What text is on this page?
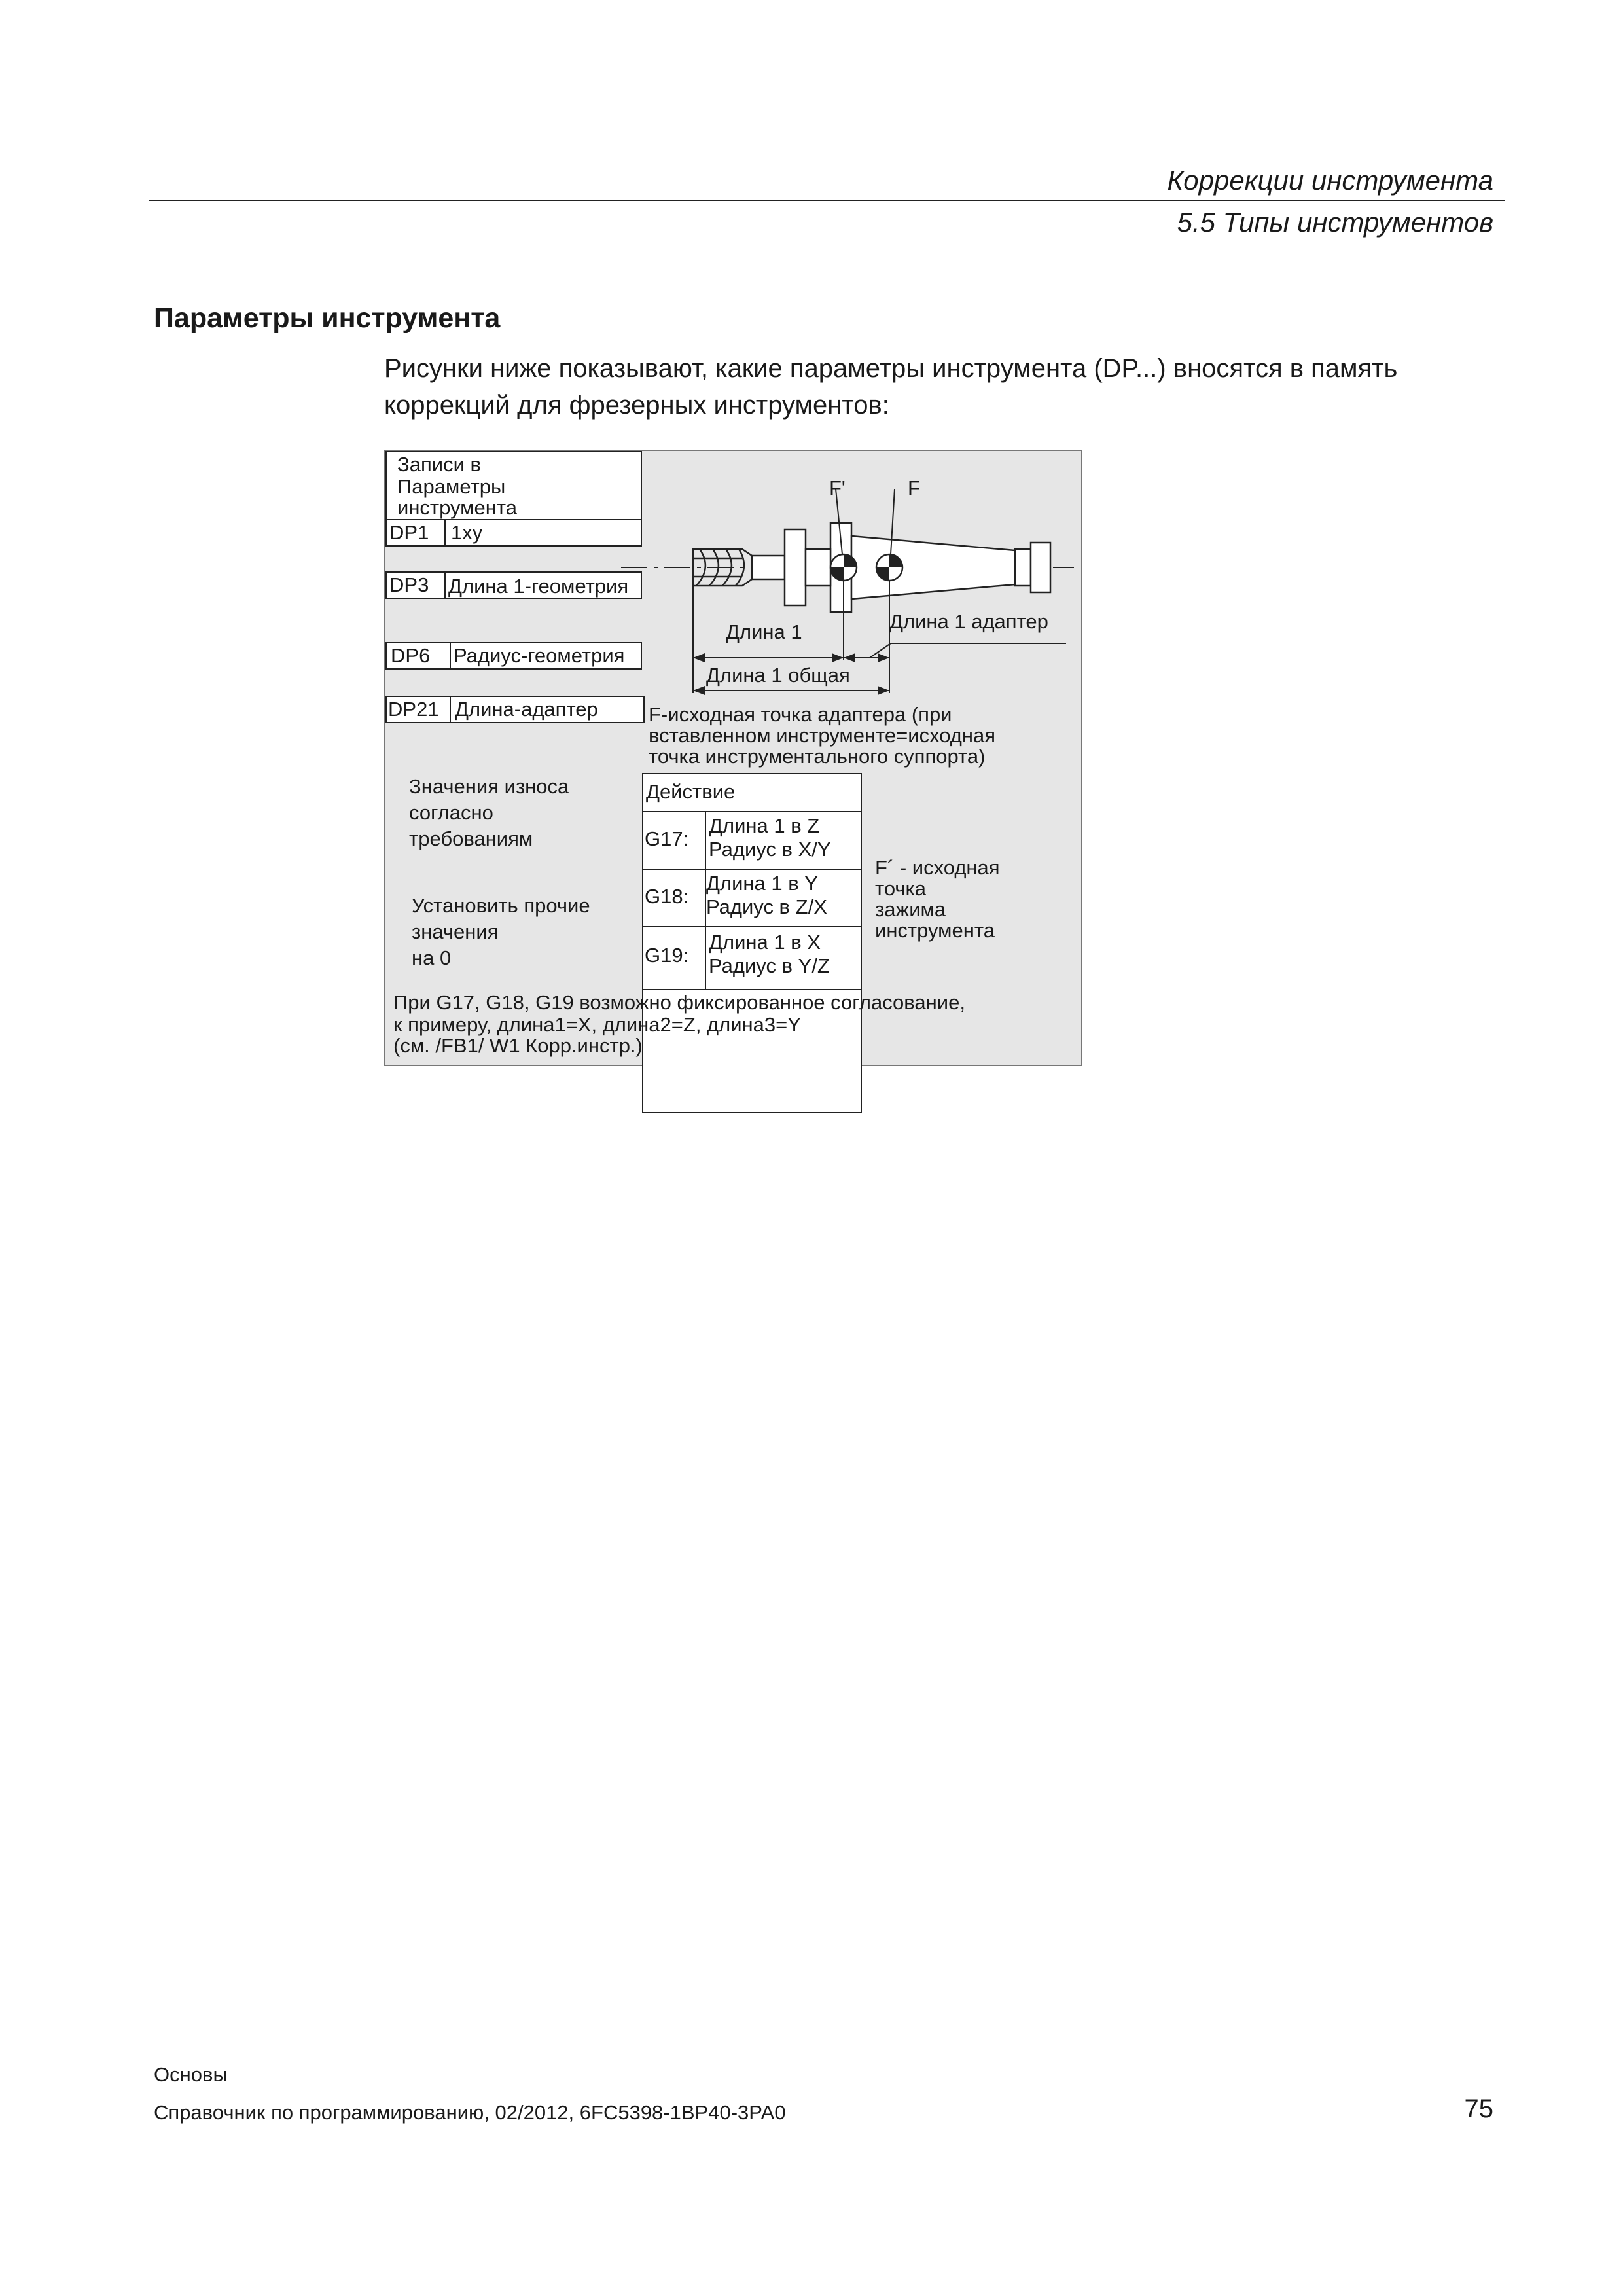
Коррекции инструмента
5.5 Типы инструментов
Параметры инструмента
Рисунки ниже показывают, какие параметры инструмента (DP...) вносятся в память коррекций для фрезерных инструментов:
Записи в
Параметры
инструмента
DP1 1xy
DP3 Длина 1-геометрия
DP6 Радиус-геометрия
DP21 Длина-адаптер
F'	F
Длина 1	Длина 1 адаптер
Длина 1 общая
F-исходная точка адаптера (при
вставленном инструменте=исходная
точка инструментального суппорта)
Значения износа
согласно
требованиям
Установить прочие
значения
на 0
Действие
G17:
Длина 1 в Z
Радиус в X/Y
G18:
Длина 1 в Y
Радиус в Z/X
G19:
Длина 1 в X
Радиус в Y/Z
F´ - исходная
точка
зажима
инструмента
При G17, G18, G19 возможно фиксированное согласование,
к примеру, длина1=X, длина2=Z, длина3=Y
(см. /FB1/ W1 Корр.инстр.)
Основы
Справочник по программированию, 02/2012, 6FC5398-1BP40-3PA0	75
